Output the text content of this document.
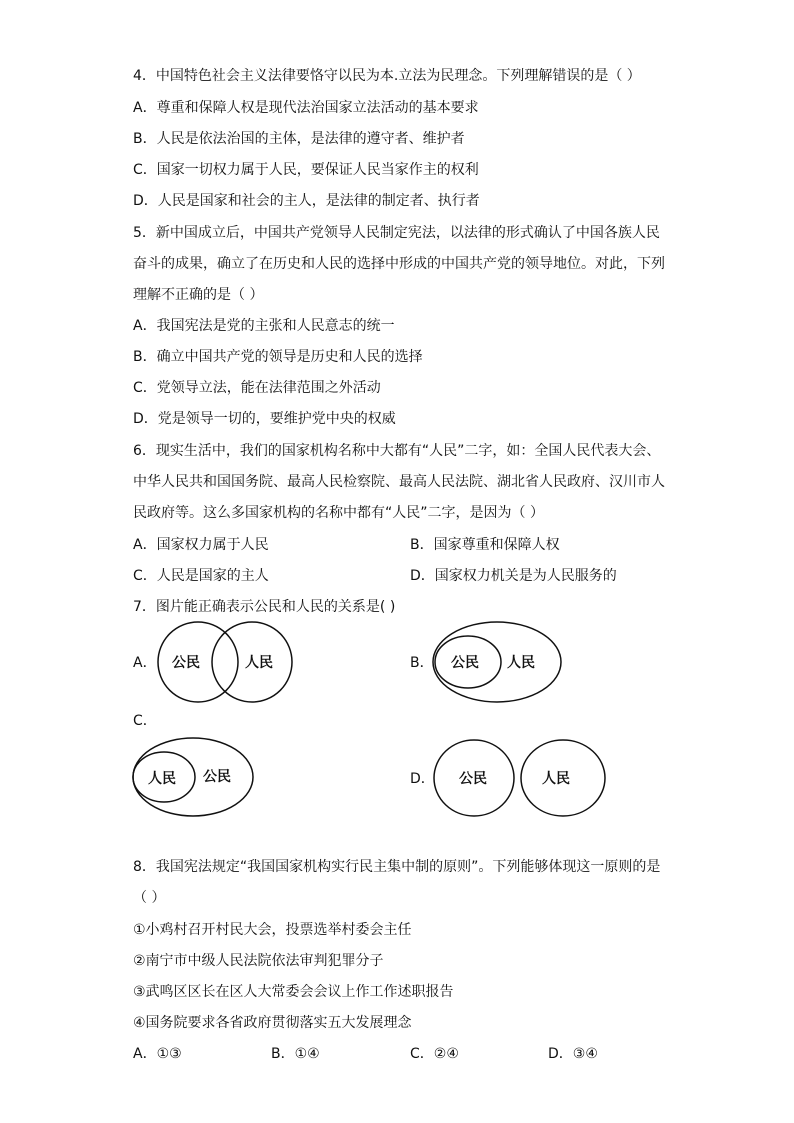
4．中国特色社会主义法律要恪守以民为本.立法为民理念。下列理解错误的是（ ）
A．尊重和保障人权是现代法治国家立法活动的基本要求
B．人民是依法治国的主体，是法律的遵守者、维护者
C．国家一切权力属于人民，要保证人民当家作主的权利
D．人民是国家和社会的主人，是法律的制定者、执行者
5．新中国成立后，中国共产党领导人民制定宪法，以法律的形式确认了中国各族人民
奋斗的成果，确立了在历史和人民的选择中形成的中国共产党的领导地位。对此，下列
理解不正确的是（ ）
A．我国宪法是党的主张和人民意志的统一
B．确立中国共产党的领导是历史和人民的选择
C．党领导立法，能在法律范围之外活动
D．党是领导一切的，要维护党中央的权威
6．现实生活中，我们的国家机构名称中大都有“人民”二字，如：全国人民代表大会、
中华人民共和国国务院、最高人民检察院、最高人民法院、湖北省人民政府、汉川市人
民政府等。这么多国家机构的名称中都有“人民”二字，是因为（ ）
A．国家权力属于人民	B．国家尊重和保障人权
C．人民是国家的主人	D．国家权力机关是为人民服务的
7．图片能正确表示公民和人民的关系是( )
A． 公民	人民	B． 公民 人民
C．
人民 公民	D． 公民	人民
8．我国宪法规定“我国国家机构实行民主集中制的原则”。下列能够体现这一原则的是
（ ）
①小鸡村召开村民大会，投票选举村委会主任
②南宁市中级人民法院依法审判犯罪分子
③武鸣区区长在区人大常委会会议上作工作述职报告
④国务院要求各省政府贯彻落实五大发展理念
A．①③	B．①④	C．②④	D．③④
